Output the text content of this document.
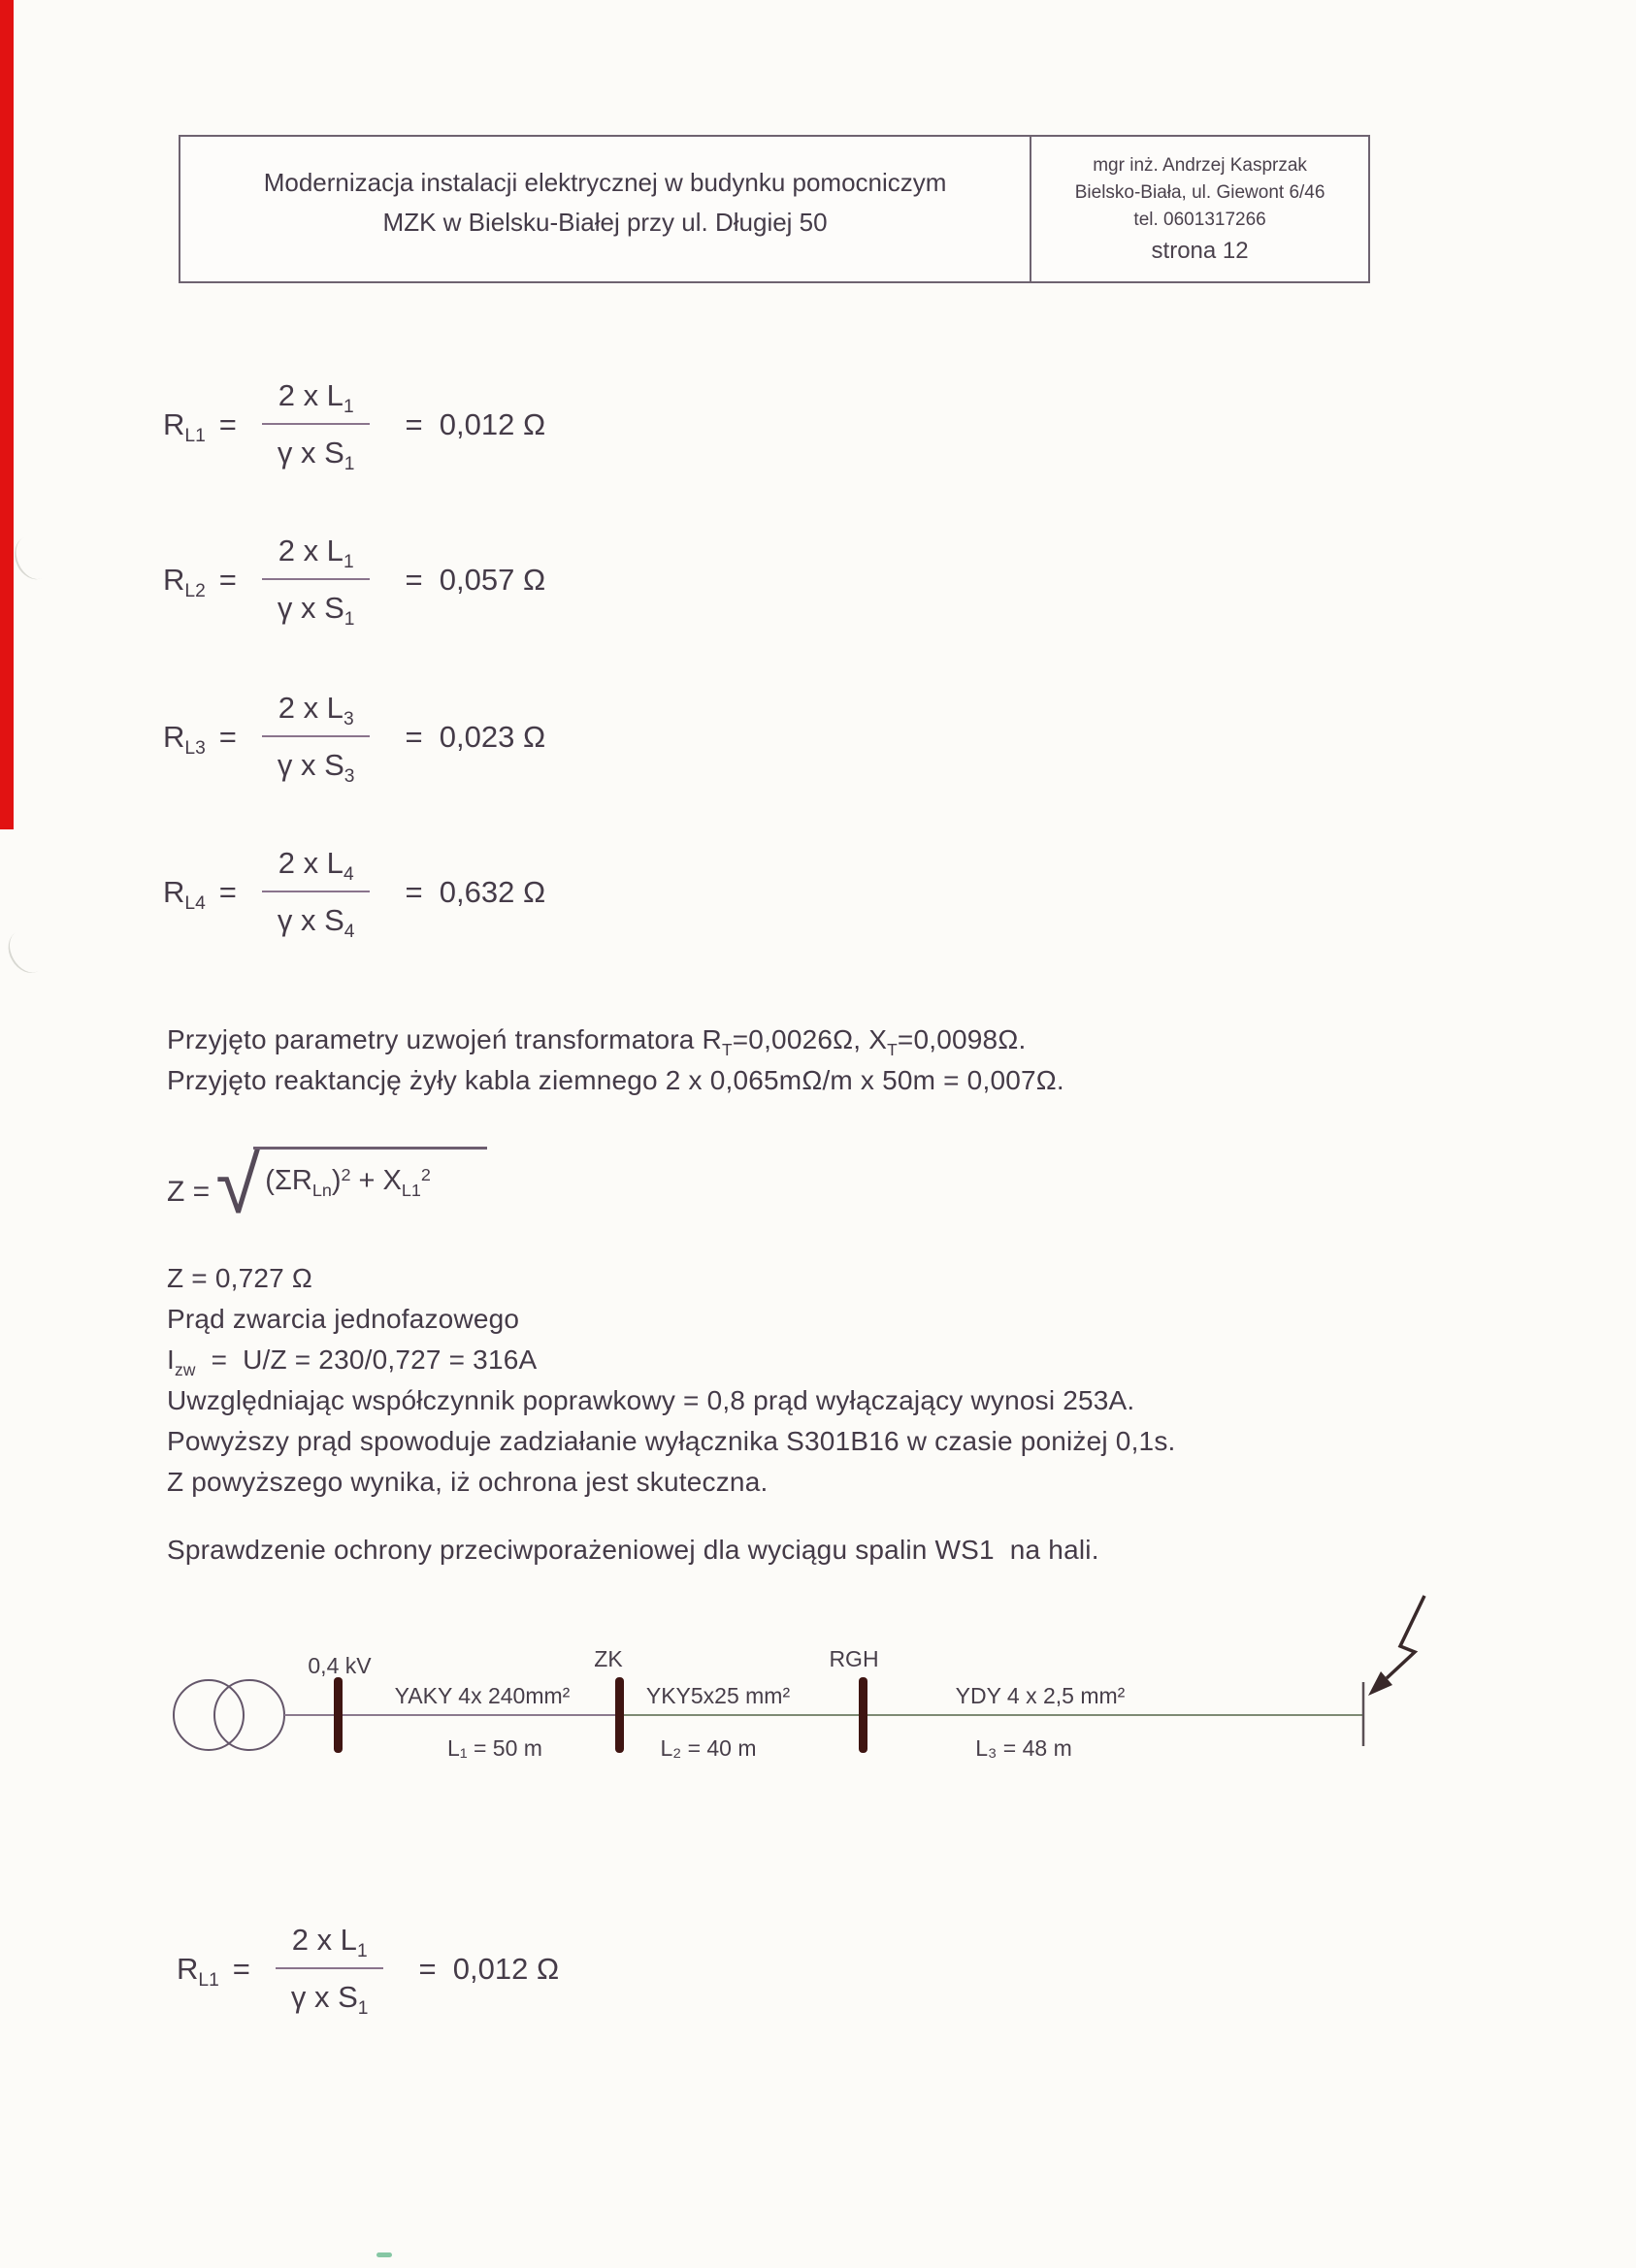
Modernizacja instalacji elektrycznej w budynku pomocniczym
MZK w Bielsku-Białej przy ul. Długiej 50
mgr inż. Andrzej Kasprzak
Bielsko-Biała, ul. Giewont 6/46
tel. 0601317266
strona 12
$R_{L1} = \frac{2 x L_1}{\gamma x S_1} = 0,012$ Ω
$R_{L2} = \frac{2 x L_1}{\gamma x S_1} = 0,057$ Ω
$R_{L3} = \frac{2 x L_3}{\gamma x S_3} = 0,023$ Ω
$R_{L4} = \frac{2 x L_4}{\gamma x S_4} = 0,632$ Ω
Przyjęto parametry uzwojeń transformatora $R_T=0,0026\Omega$, $X_T=0,0098\Omega$.
Przyjęto reaktancję żyły kabla ziemnego 2 x 0,065mΩ/m x 50m = 0,007Ω.
Z = √ $(\Sigma R_{Ln})^2 + X_{L1}^2$
Z = 0,727 Ω
Prąd zwarcia jednofazowego
$I_{zw} = U/Z = 230/0,727 = 316A$
Uwzględniając współczynnik poprawkowy = 0,8 prąd wyłączający wynosi 253A.
Powyższy prąd spowoduje zadziałanie wyłącznika S301B16 w czasie poniżej 0,1s.
Z powyższego wynika, iż ochrona jest skuteczna.
Sprawdzenie ochrony przeciwporażeniowej dla wyciągu spalin WS1  na hali.
0,4 kV	ZK	RGH
YAKY 4x 240mm²
L₁ = 50 m
YKY5x25 mm²
L₂ = 40 m
YDY 4 x 2,5 mm²
L₃ = 48 m
$R_{L1} = \frac{2 x L_1}{\gamma x S_1} = 0,012$ Ω
